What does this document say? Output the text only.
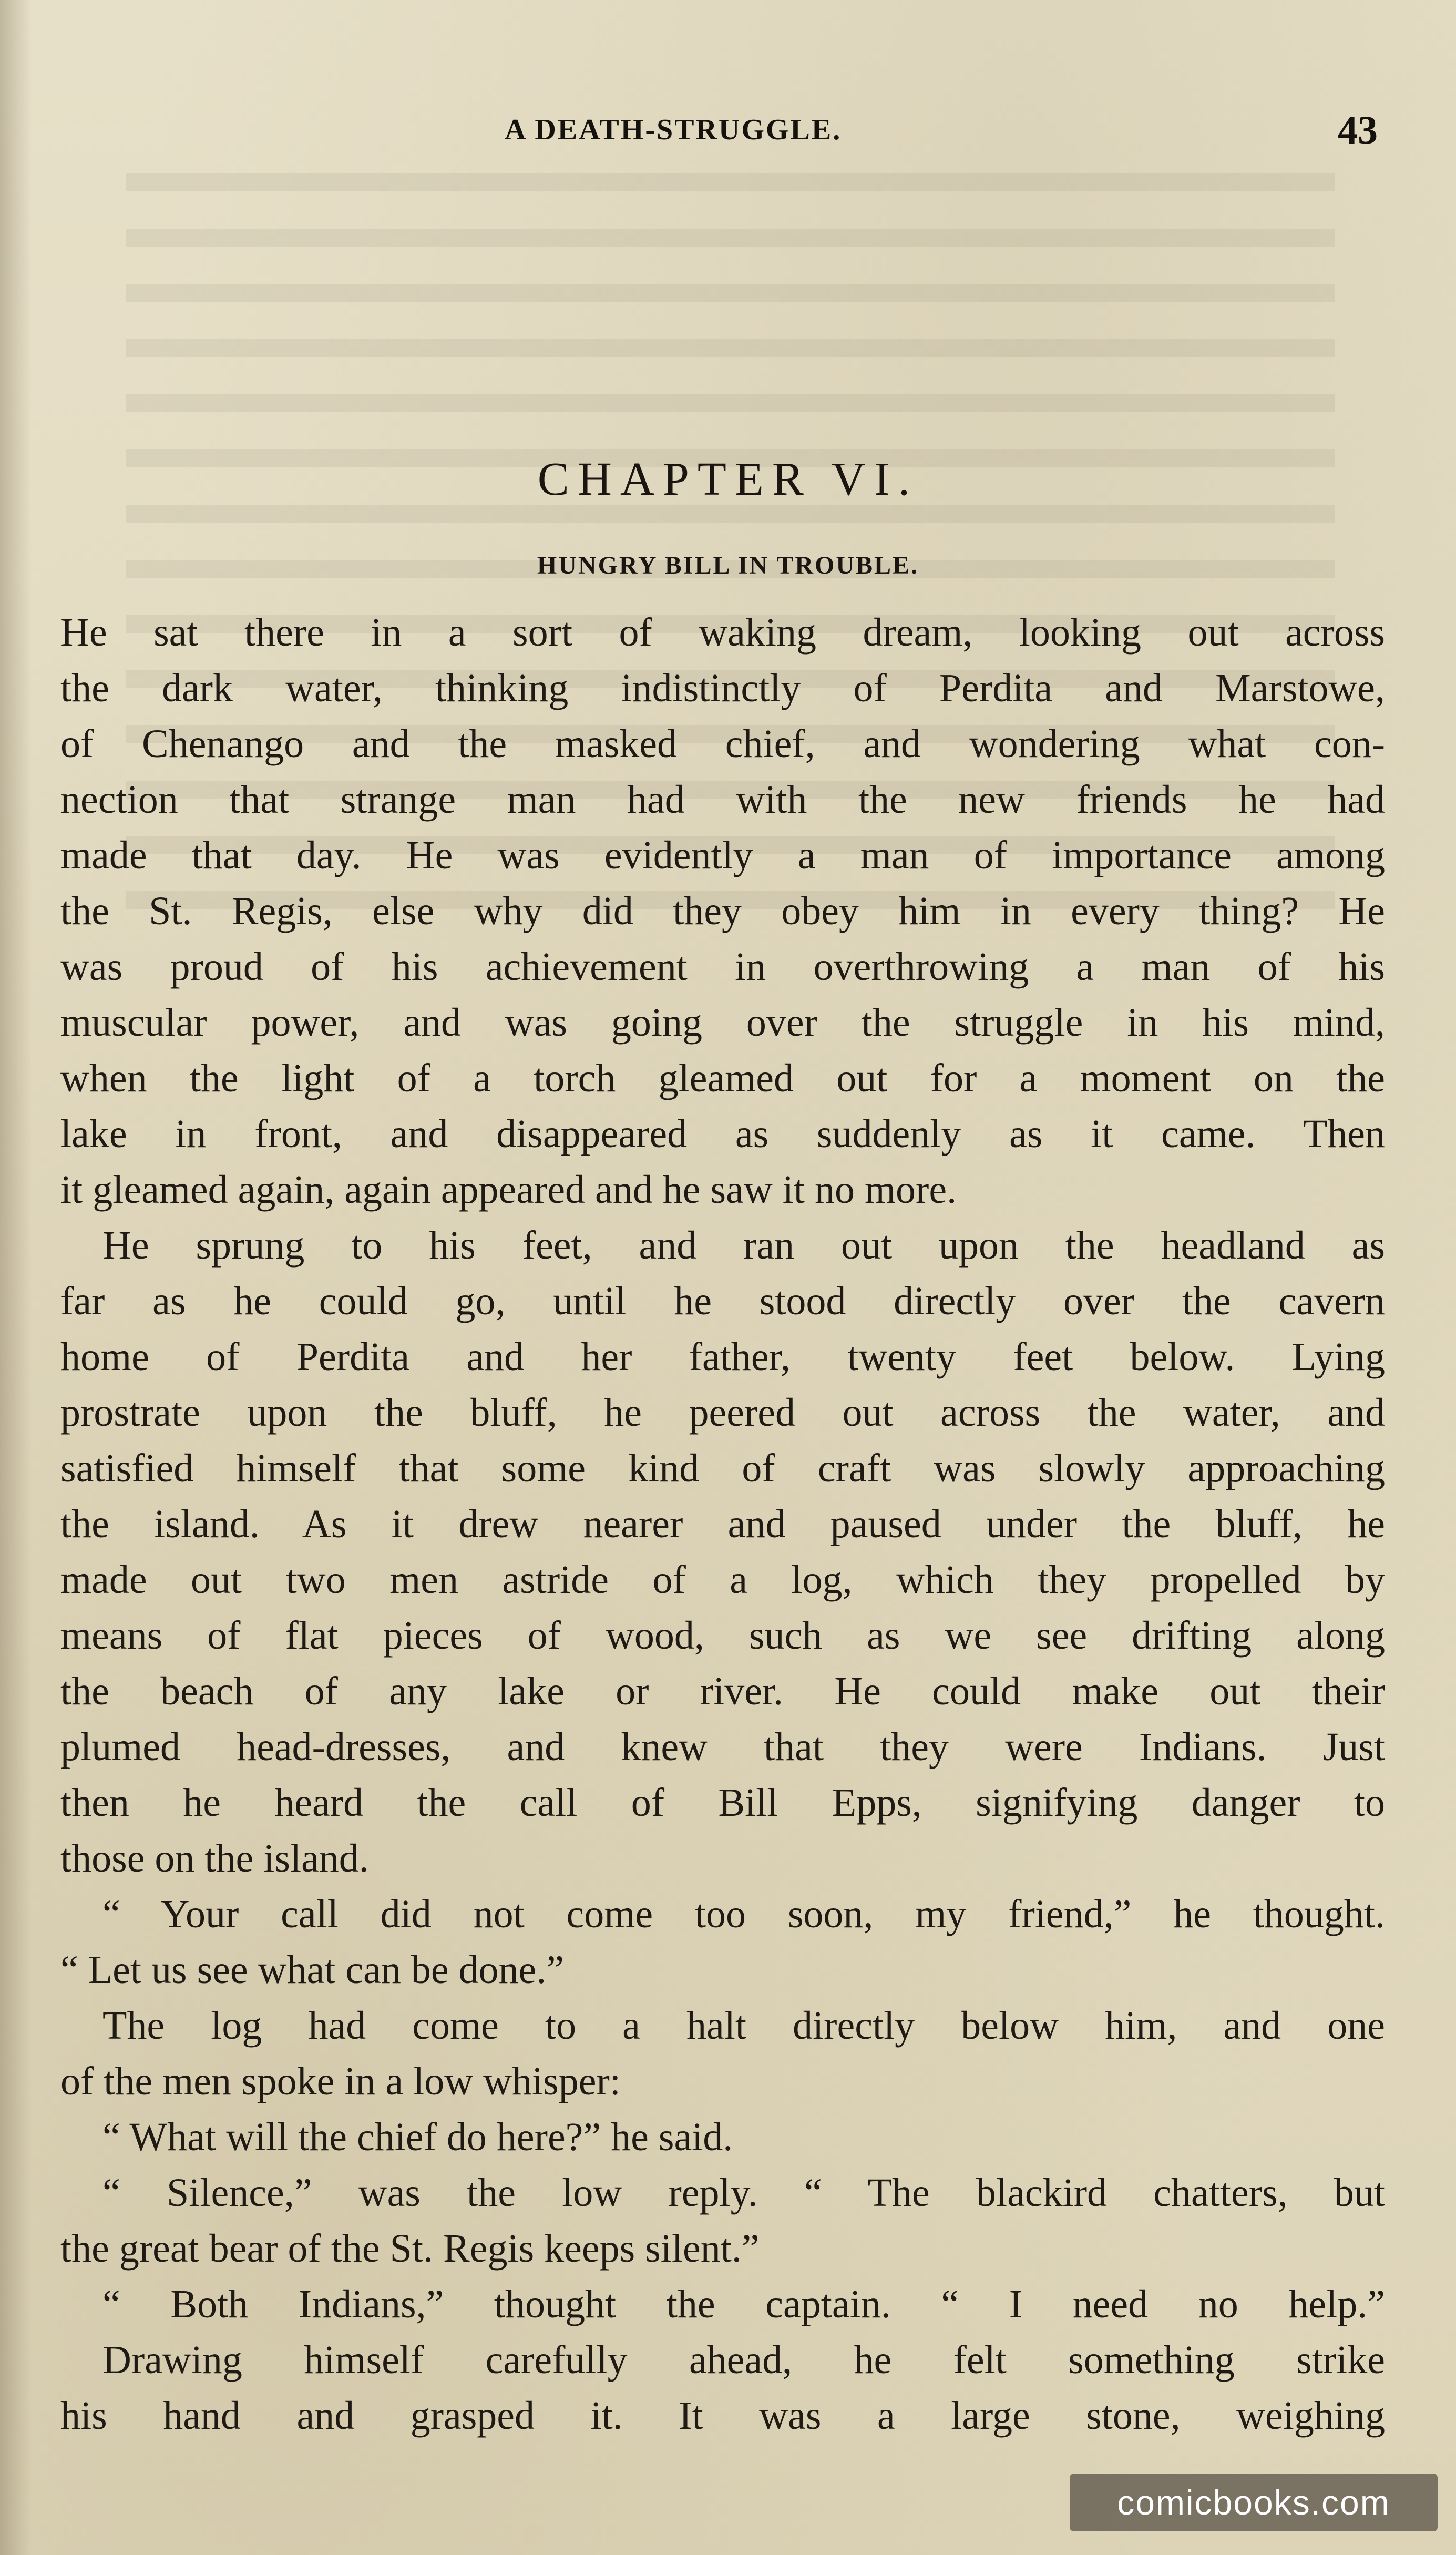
A DEATH-STRUGGLE.	43
CHAPTER VI.
HUNGRY BILL IN TROUBLE.
He sat there in a sort of waking dream, looking out across
the dark water, thinking indistinctly of Perdita and Marstowe,
of Chenango and the masked chief, and wondering what con-
nection that strange man had with the new friends he had
made that day. He was evidently a man of importance among
the St. Regis, else why did they obey him in every thing? He
was proud of his achievement in overthrowing a man of his
muscular power, and was going over the struggle in his mind,
when the light of a torch gleamed out for a moment on the
lake in front, and disappeared as suddenly as it came. Then
it gleamed again, again appeared and he saw it no more.
He sprung to his feet, and ran out upon the headland as
far as he could go, until he stood directly over the cavern
home of Perdita and her father, twenty feet below. Lying
prostrate upon the bluff, he peered out across the water, and
satisfied himself that some kind of craft was slowly approaching
the island. As it drew nearer and paused under the bluff, he
made out two men astride of a log, which they propelled by
means of flat pieces of wood, such as we see drifting along
the beach of any lake or river. He could make out their
plumed head-dresses, and knew that they were Indians. Just
then he heard the call of Bill Epps, signifying danger to
those on the island.
“ Your call did not come too soon, my friend,” he thought.
“ Let us see what can be done.”
The log had come to a halt directly below him, and one
of the men spoke in a low whisper:
“ What will the chief do here?” he said.
“ Silence,” was the low reply. “ The blackird chatters, but
the great bear of the St. Regis keeps silent.”
“ Both Indians,” thought the captain. “ I need no help.”
Drawing himself carefully ahead, he felt something strike
his hand and grasped it. It was a large stone, weighing
comicbooks.com
